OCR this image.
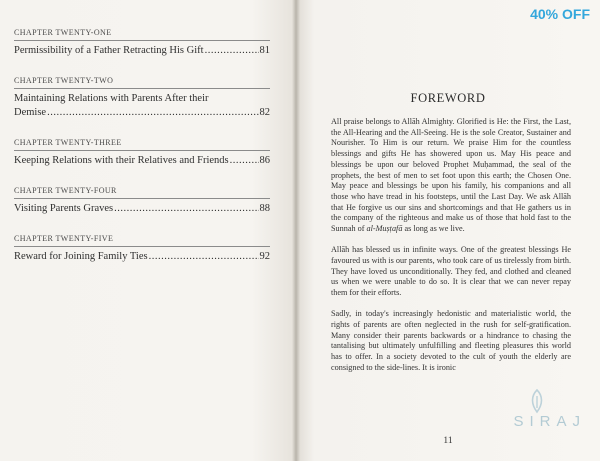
CHAPTER TWENTY-ONE
Permissibility of a Father Retracting His Gift .....	81
CHAPTER TWENTY-TWO
Maintaining Relations with Parents After their
Demise .....	82
CHAPTER TWENTY-THREE
Keeping Relations with their Relatives and Friends .....	86
CHAPTER TWENTY-FOUR
Visiting Parents Graves .....	88
CHAPTER TWENTY-FIVE
Reward for Joining Family Ties .....	92
FOREWORD

All praise belongs to Allāh Almighty. Glorified is He: the First, the Last, the All-Hearing and the All-Seeing. He is the sole Creator, Sustainer and Nourisher. To Him is our return. We praise Him for the countless blessings and gifts He has showered upon us. May His peace and blessings be upon our beloved Prophet Muḥammad, the seal of the prophets, the best of men to set foot upon this earth; the Chosen One. May peace and blessings be upon his family, his companions and all those who have tread in his footsteps, until the Last Day. We ask Allāh that He forgive us our sins and shortcomings and that He gathers us in the company of the righteous and make us of those that hold fast to the Sunnah of al-Muṣṭafā as long as we live.

Allāh has blessed us in infinite ways. One of the greatest blessings He favoured us with is our parents, who took care of us tirelessly from birth. They have loved us unconditionally. They fed, and clothed and cleaned us when we were unable to do so. It is clear that we can never repay them for their efforts.

Sadly, in today's increasingly hedonistic and materialistic world, the rights of parents are often neglected in the rush for self-gratification. Many consider their parents backwards or a hindrance to chasing the tantalising but ultimately unfulfilling and fleeting pleasures this world has to offer. In a society devoted to the cult of youth the elderly are consigned to the side-lines. It is ironic

11
40% OFF
SIRAJ
